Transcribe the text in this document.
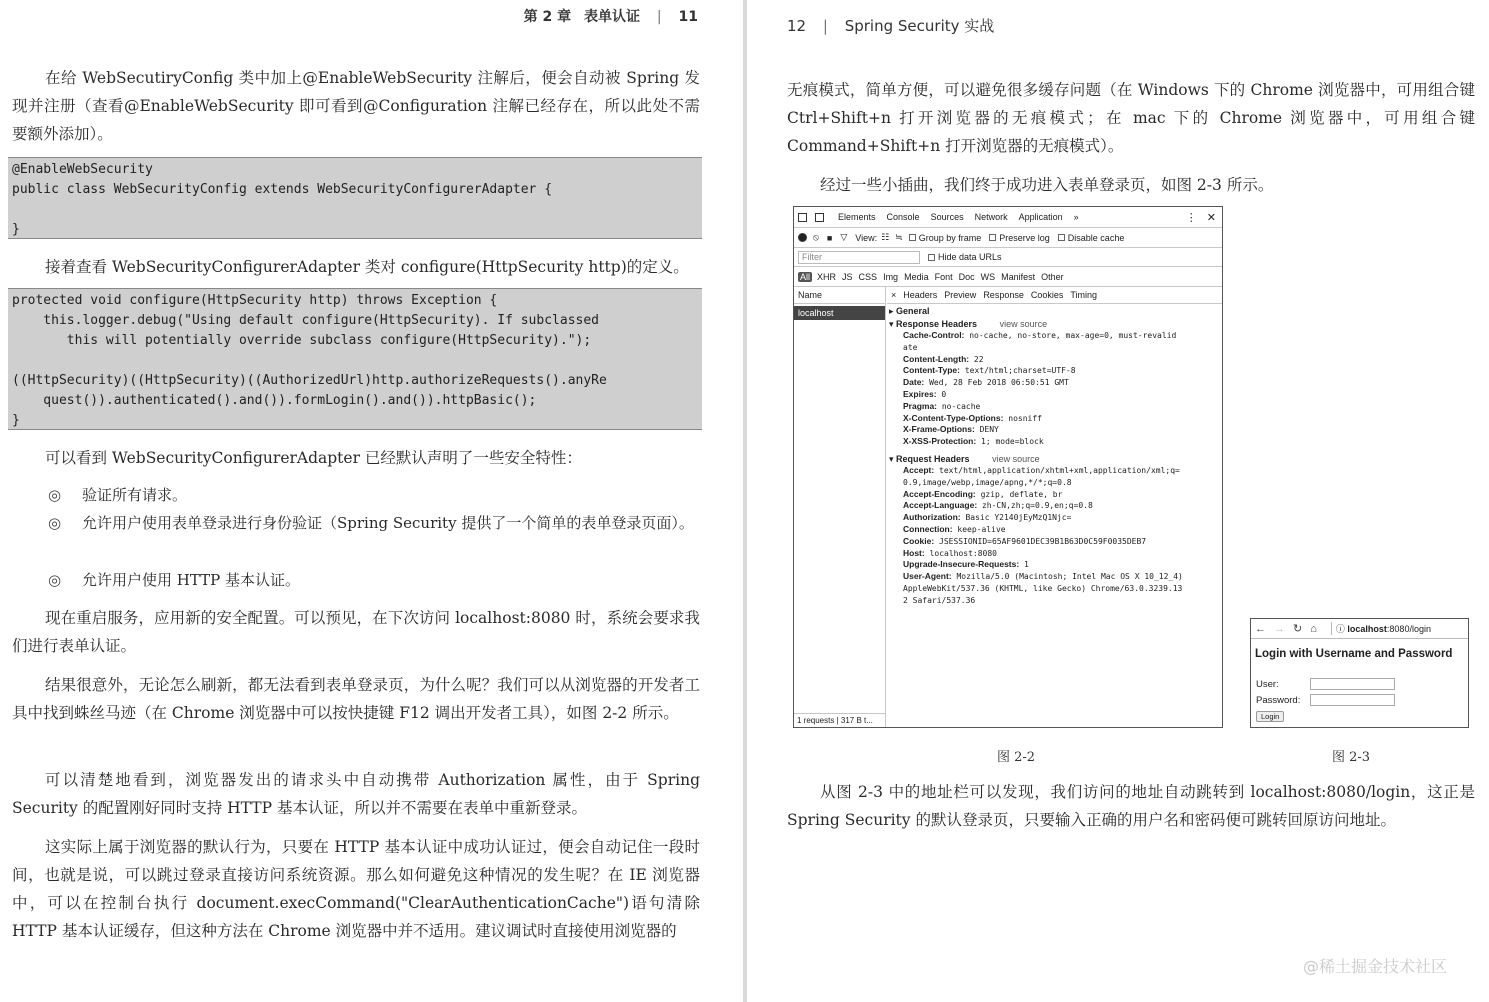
第 2 章 表单认证 | 11
在给 WebSecutiryConfig 类中加上@EnableWebSecurity 注解后，便会自动被 Spring 发现并注册（查看@EnableWebSecurity 即可看到@Configuration 注解已经存在，所以此处不需要额外添加）。
@EnableWebSecurity
public class WebSecurityConfig extends WebSecurityConfigurerAdapter {

}
接着查看 WebSecurityConfigurerAdapter 类对 configure(HttpSecurity http)的定义。
protected void configure(HttpSecurity http) throws Exception {
this.logger.debug("Using default configure(HttpSecurity). If subclassed
this will potentially override subclass configure(HttpSecurity).");

((HttpSecurity)((HttpSecurity)((AuthorizedUrl)http.authorizeRequests().anyRe
quest()).authenticated().and()).formLogin().and()).httpBasic();
}
可以看到 WebSecurityConfigurerAdapter 已经默认声明了一些安全特性：
◎ 验证所有请求。
◎ 允许用户使用表单登录进行身份验证（Spring Security 提供了一个简单的表单登录页面）。
◎ 允许用户使用 HTTP 基本认证。
现在重启服务，应用新的安全配置。可以预见，在下次访问 localhost:8080 时，系统会要求我们进行表单认证。
结果很意外，无论怎么刷新，都无法看到表单登录页，为什么呢？我们可以从浏览器的开发者工具中找到蛛丝马迹（在 Chrome 浏览器中可以按快捷键 F12 调出开发者工具），如图 2-2 所示。
可以清楚地看到，浏览器发出的请求头中自动携带 Authorization 属性，由于 Spring Security 的配置刚好同时支持 HTTP 基本认证，所以并不需要在表单中重新登录。
这实际上属于浏览器的默认行为，只要在 HTTP 基本认证中成功认证过，便会自动记住一段时间，也就是说，可以跳过登录直接访问系统资源。那么如何避免这种情况的发生呢？在 IE 浏览器中，可以在控制台执行 document.execCommand("ClearAuthenticationCache")语句清除 HTTP 基本认证缓存，但这种方法在 Chrome 浏览器中并不适用。建议调试时直接使用浏览器的
12 | Spring Security 实战
无痕模式，简单方便，可以避免很多缓存问题（在 Windows 下的 Chrome 浏览器中，可用组合键 Ctrl+Shift+n 打开浏览器的无痕模式；在 mac 下的 Chrome 浏览器中，可用组合键 Command+Shift+n 打开浏览器的无痕模式）。
经过一些小插曲，我们终于成功进入表单登录页，如图 2-3 所示。
Elements Console Sources Network Application »	⋮ ✕
⦸ ■ ▽ View: ☷ ≒ Group by frame Preserve log Disable cache
Filter	Hide data URLs
All XHR JS CSS Img Media Font Doc WS Manifest Other
Name
localhost
1 requests | 317 B t...
× Headers Preview Response Cookies Timing
▸ General
▾ Response Headers	view source
Cache-Control: no-cache, no-store, max-age=0, must-revalid
ate
Content-Length: 22
Content-Type: text/html;charset=UTF-8
Date: Wed, 28 Feb 2018 06:50:51 GMT
Expires: 0
Pragma: no-cache
X-Content-Type-Options: nosniff
X-Frame-Options: DENY
X-XSS-Protection: 1; mode=block
▾ Request Headers	view source
Accept: text/html,application/xhtml+xml,application/xml;q=
0.9,image/webp,image/apng,*/*;q=0.8
Accept-Encoding: gzip, deflate, br
Accept-Language: zh-CN,zh;q=0.9,en;q=0.8
Authorization: Basic Y2140jEyMzQ1Njc=
Connection: keep-alive
Cookie: JSESSIONID=65AF9601DEC39B1B63D0C59F0035DEB7
Host: localhost:8080
Upgrade-Insecure-Requests: 1
User-Agent: Mozilla/5.0 (Macintosh; Intel Mac OS X 10_12_4)
AppleWebKit/537.36 (KHTML, like Gecko) Chrome/63.0.3239.13
2 Safari/537.36
← → ↻ ⌂	ⓘ localhost:8080/login
Login with Username and Password
User:
Password:
Login
图 2-2	图 2-3
从图 2-3 中的地址栏可以发现，我们访问的地址自动跳转到 localhost:8080/login，这正是 Spring Security 的默认登录页，只要输入正确的用户名和密码便可跳转回原访问地址。
@稀土掘金技术社区
